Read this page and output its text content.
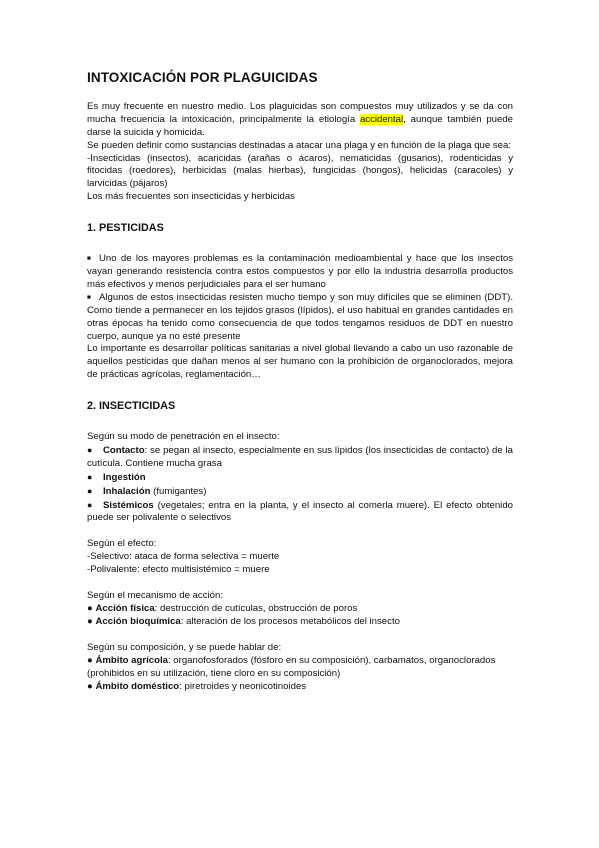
INTOXICACIÓN POR PLAGUICIDAS

Es muy frecuente en nuestro medio. Los plaguicidas son compuestos muy utilizados y se da con mucha frecuencia la intoxicación, principalmente la etiología accidental, aunque también puede darse la suicida y homicida.

Se pueden definir como sustancias destinadas a atacar una plaga y en función de la plaga que sea:

-Insecticidas (insectos), acaricidas (arañas o ácaros), nematicidas (gusanos), rodenticidas y fitocidas (roedores), herbicidas (malas hierbas), fungicidas (hongos), helicidas (caracoles) y larvicidas (pájaros)

Los más frecuentes son insecticidas y herbicidas

1. PESTICIDAS

■ Uno de los mayores problemas es la contaminación medioambiental y hace que los insectos vayan generando resistencia contra estos compuestos y por ello la industria desarrolla productos más efectivos y menos perjudiciales para el ser humano

■ Algunos de estos insecticidas resisten mucho tiempo y son muy difíciles que se eliminen (DDT). Como tiende a permanecer en los tejidos grasos (lípidos), el uso habitual en grandes cantidades en otras épocas ha tenido como consecuencia de que todos tengamos residuos de DDT en nuestro cuerpo, aunque ya no esté presente

Lo importante es desarrollar políticas sanitarias a nivel global llevando a cabo un uso razonable de aquellos pesticidas que dañan menos al ser humano con la prohibición de organoclorados, mejora de prácticas agrícolas, reglamentación…

2. INSECTICIDAS

Según su modo de penetración en el insecto:

● Contacto: se pegan al insecto, especialmente en sus lípidos (los insecticidas de contacto) de la cutícula. Contiene mucha grasa

● Ingestión

● Inhalación (fumigantes)

● Sistémicos (vegetales; entra en la planta, y el insecto al comerla muere). El efecto obtenido puede ser polivalente o selectivos

Según el efecto:

-Selectivo: ataca de forma selectiva = muerte

-Polivalente: efecto multisistémico = muere

Según el mecanismo de acción:

● Acción física: destrucción de cutículas, obstrucción de poros

● Acción bioquímica: alteración de los procesos metabólicos del insecto

Según su composición, y se puede hablar de:

● Ámbito agrícola: organofosforados (fósforo en su composición), carbamatos, organoclorados (prohibidos en su utilización, tiene cloro en su composición)

● Ámbito doméstico: piretroides y neonicotinoides
